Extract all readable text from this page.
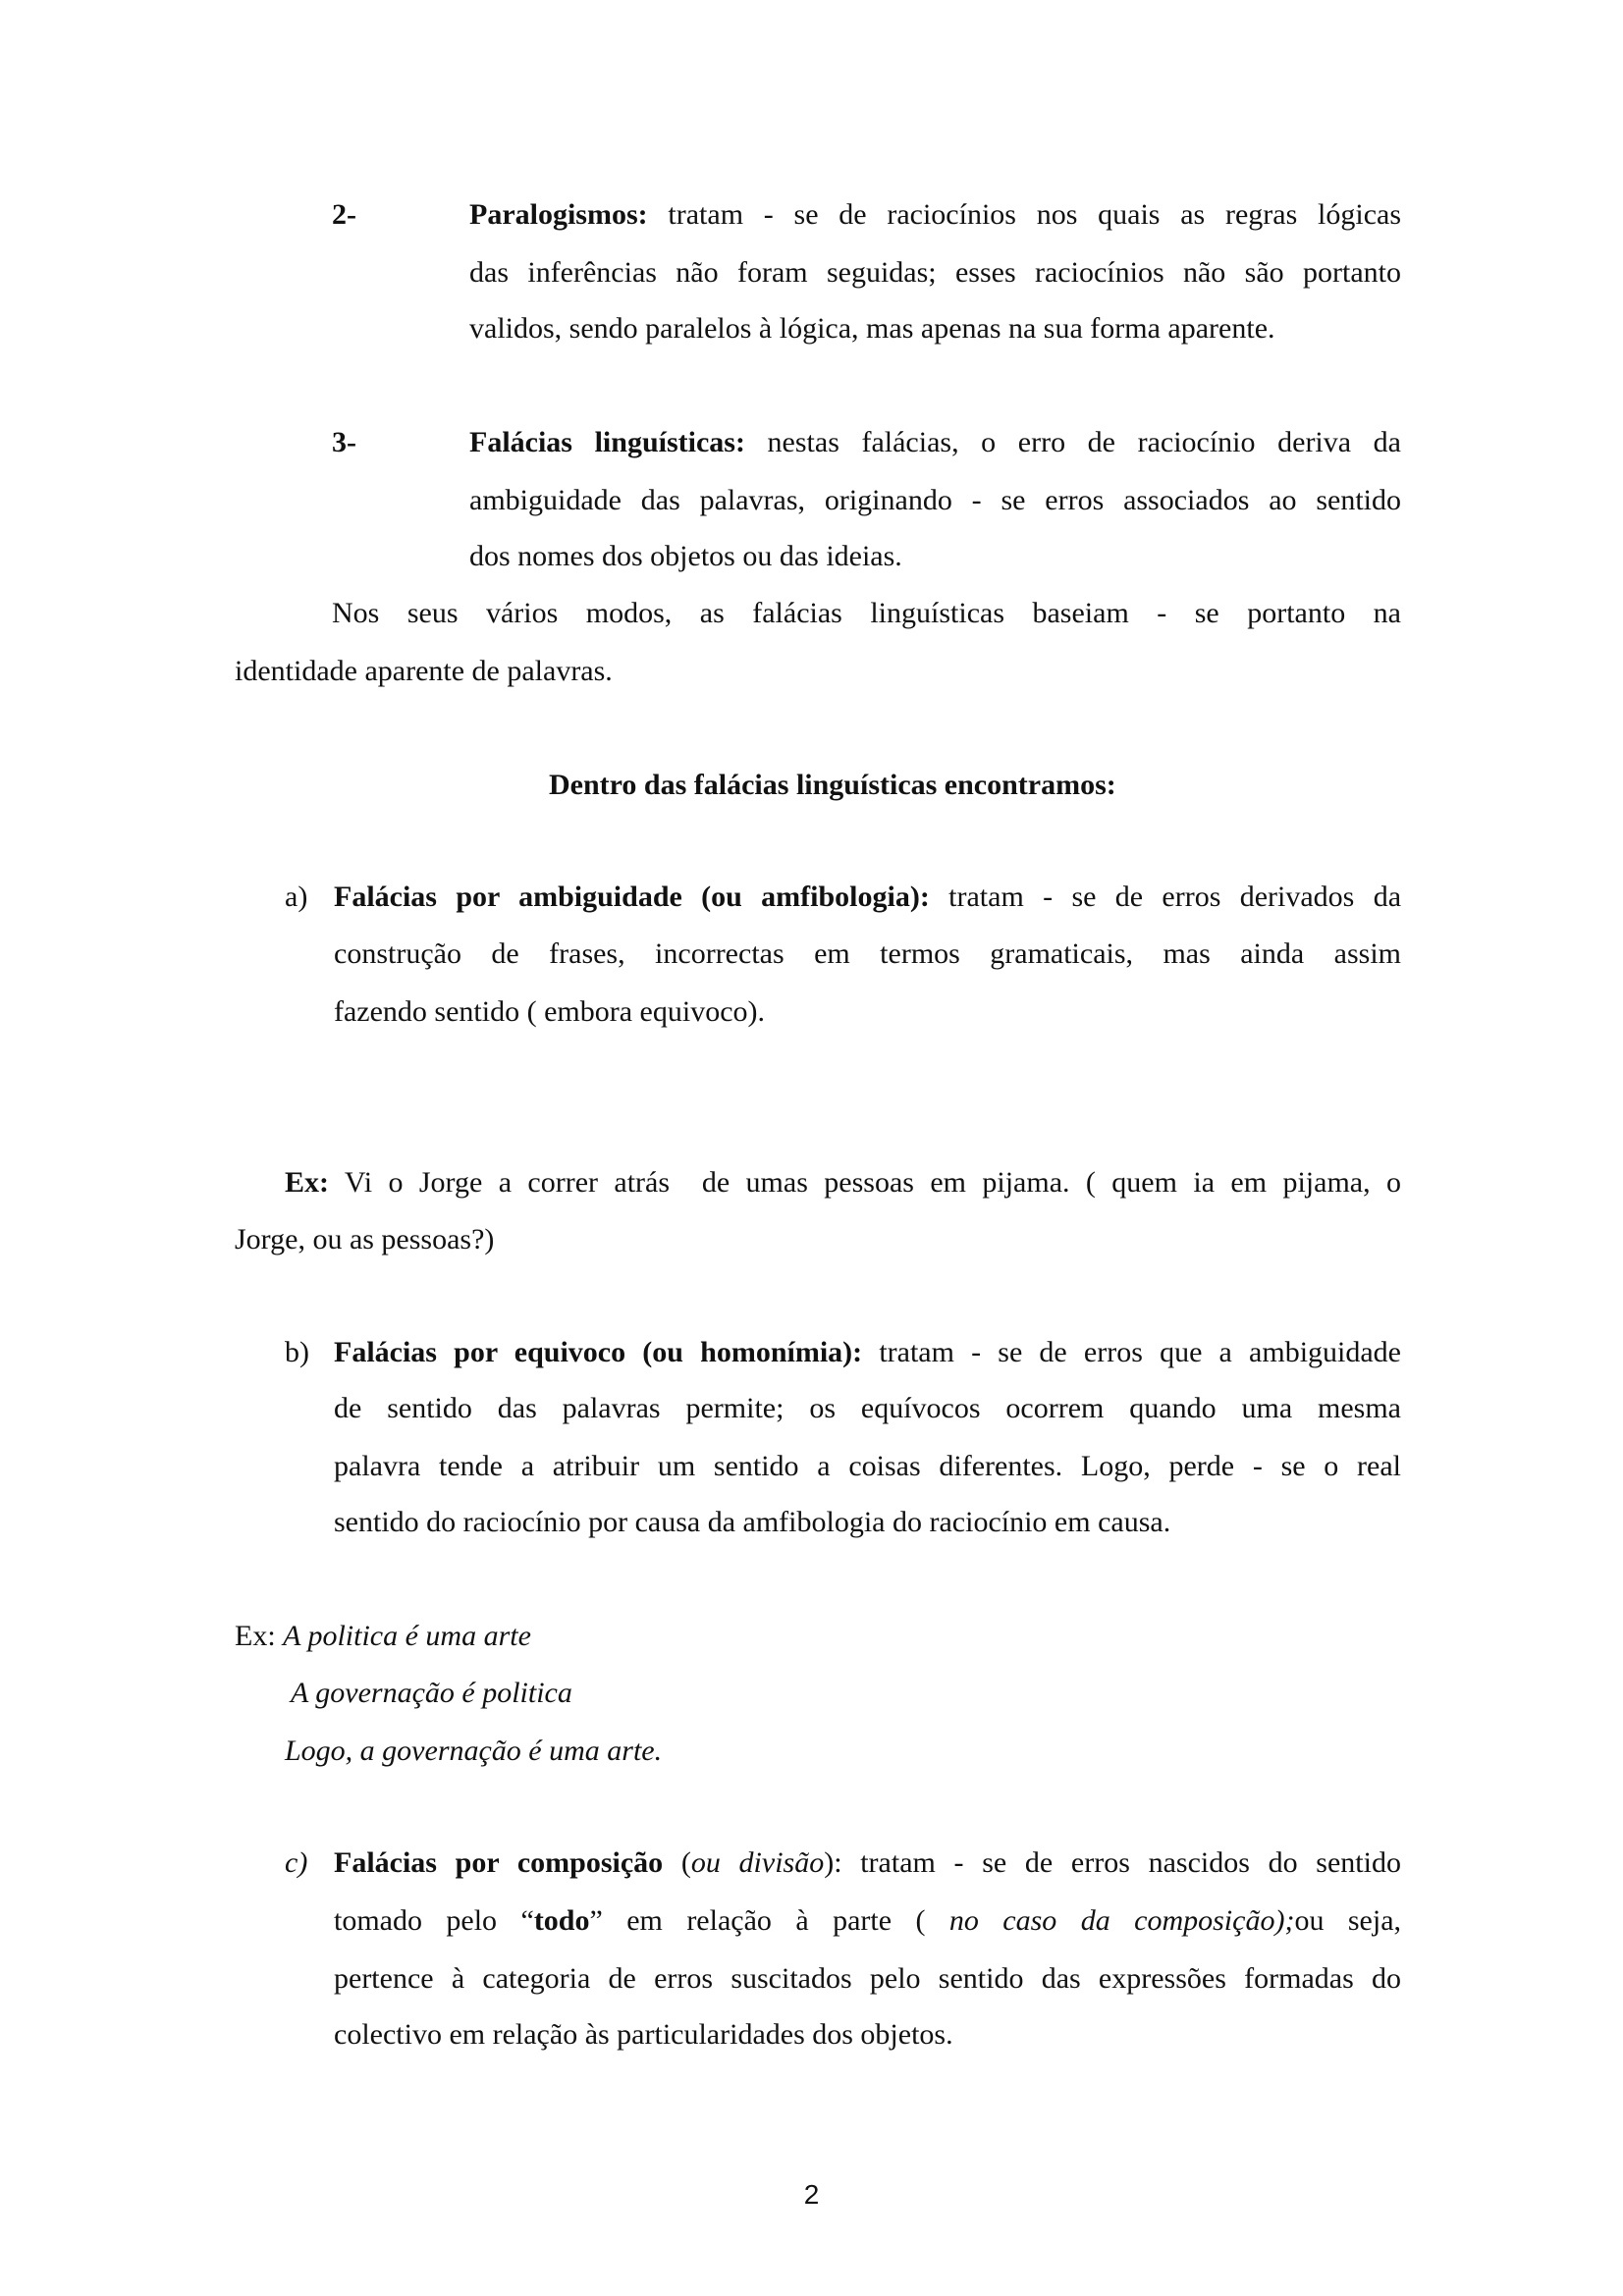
2-	Paralogismos: tratam - se de raciocínios nos quais as regras lógicas
das inferências não foram seguidas; esses raciocínios não são portanto
validos, sendo paralelos à lógica, mas apenas na sua forma aparente.
3-	Falácias linguísticas: nestas falácias, o erro de raciocínio deriva da
ambiguidade das palavras, originando - se erros associados ao sentido
dos nomes dos objetos ou das ideias.
Nos seus vários modos, as falácias linguísticas baseiam - se portanto na
identidade aparente de palavras.
Dentro das falácias linguísticas encontramos:
a) Falácias por ambiguidade (ou amfibologia): tratam - se de erros derivados da
construção de frases, incorrectas em termos gramaticais, mas ainda assim
fazendo sentido ( embora equivoco).
Ex: Vi o Jorge a correr atrás  de umas pessoas em pijama. ( quem ia em pijama, o
Jorge, ou as pessoas?)
b) Falácias por equivoco (ou homonímia): tratam - se de erros que a ambiguidade
de sentido das palavras permite; os equívocos ocorrem quando uma mesma
palavra tende a atribuir um sentido a coisas diferentes. Logo, perde - se o real
sentido do raciocínio por causa da amfibologia do raciocínio em causa.
Ex: A politica é uma arte
A governação é politica
Logo, a governação é uma arte.
c) Falácias por composição (ou divisão): tratam - se de erros nascidos do sentido
tomado pelo “todo” em relação à parte ( no caso da composição);ou seja,
pertence à categoria de erros suscitados pelo sentido das expressões formadas do
colectivo em relação às particularidades dos objetos.
2
